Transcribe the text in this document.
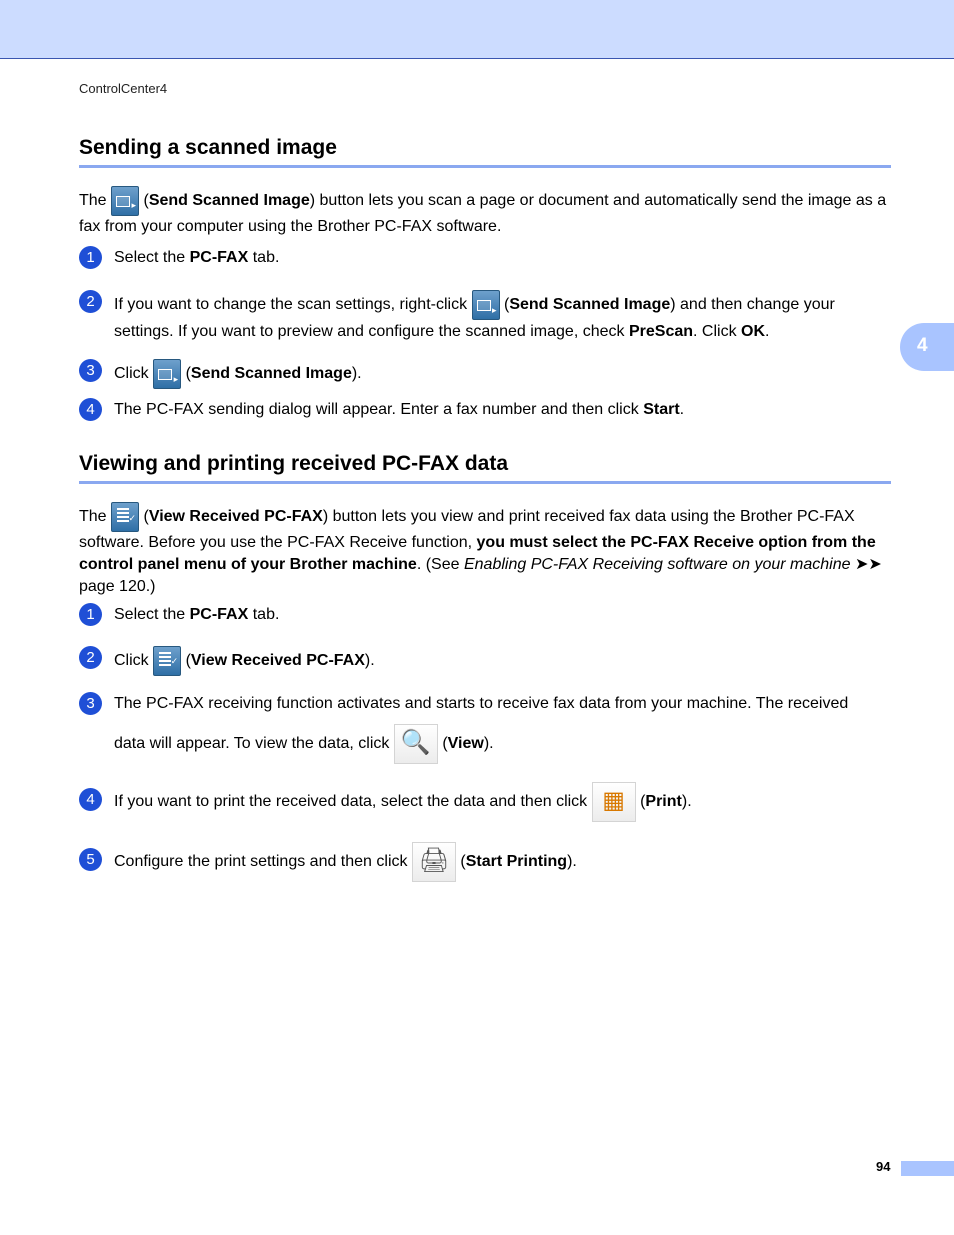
ControlCenter4
4
Sending a scanned image
The ▸ (Send Scanned Image) button lets you scan a page or document and automatically send the image as a fax from your computer using the Brother PC-FAX software.
1	Select the PC-FAX tab.
2	If you want to change the scan settings, right-click ▸ (Send Scanned Image) and then change your settings. If you want to preview and configure the scanned image, check PreScan. Click OK.
3	Click ▸ (Send Scanned Image).
4	The PC-FAX sending dialog will appear. Enter a fax number and then click Start.
Viewing and printing received PC-FAX data
The ✓ (View Received PC-FAX) button lets you view and print received fax data using the Brother PC-FAX software. Before you use the PC-FAX Receive function, you must select the PC-FAX Receive option from the control panel menu of your Brother machine. (See Enabling PC-FAX Receiving software on your machine ➤➤ page 120.)
1	Select the PC-FAX tab.
2	Click ✓ (View Received PC-FAX).
3	The PC-FAX receiving function activates and starts to receive fax data from your machine. The received
data will appear. To view the data, click 🔍 (View).
4	If you want to print the received data, select the data and then click ▦ (Print).
5	Configure the print settings and then click 🖨 (Start Printing).
94
